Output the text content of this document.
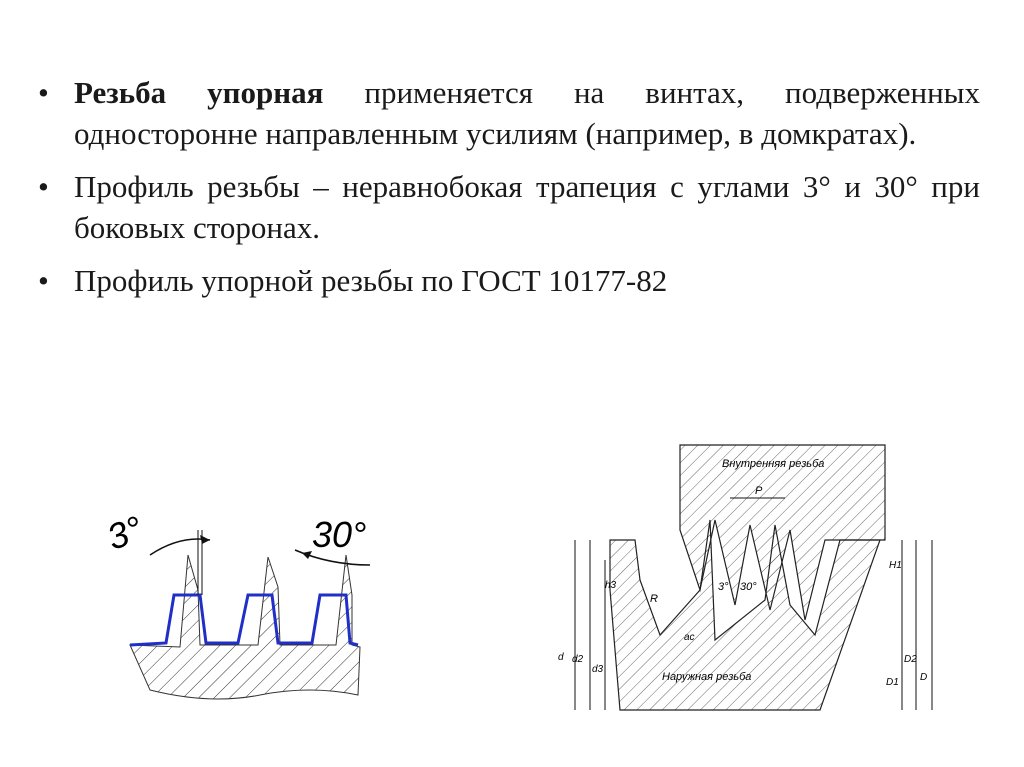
• Резьба упорная применяется на винтах, подверженных односторонне направленным усилиям (например, в домкратах).
• Профиль резьбы – неравнобокая трапеция с углами 3° и 30° при боковых сторонах.
• Профиль упорной резьбы по ГОСТ 10177-82
3°	30°
Внутренняя резьба
Наружная резьба
P
R
3° 30°
h3
ac
H1
d d2
d3
D1
D2
D
